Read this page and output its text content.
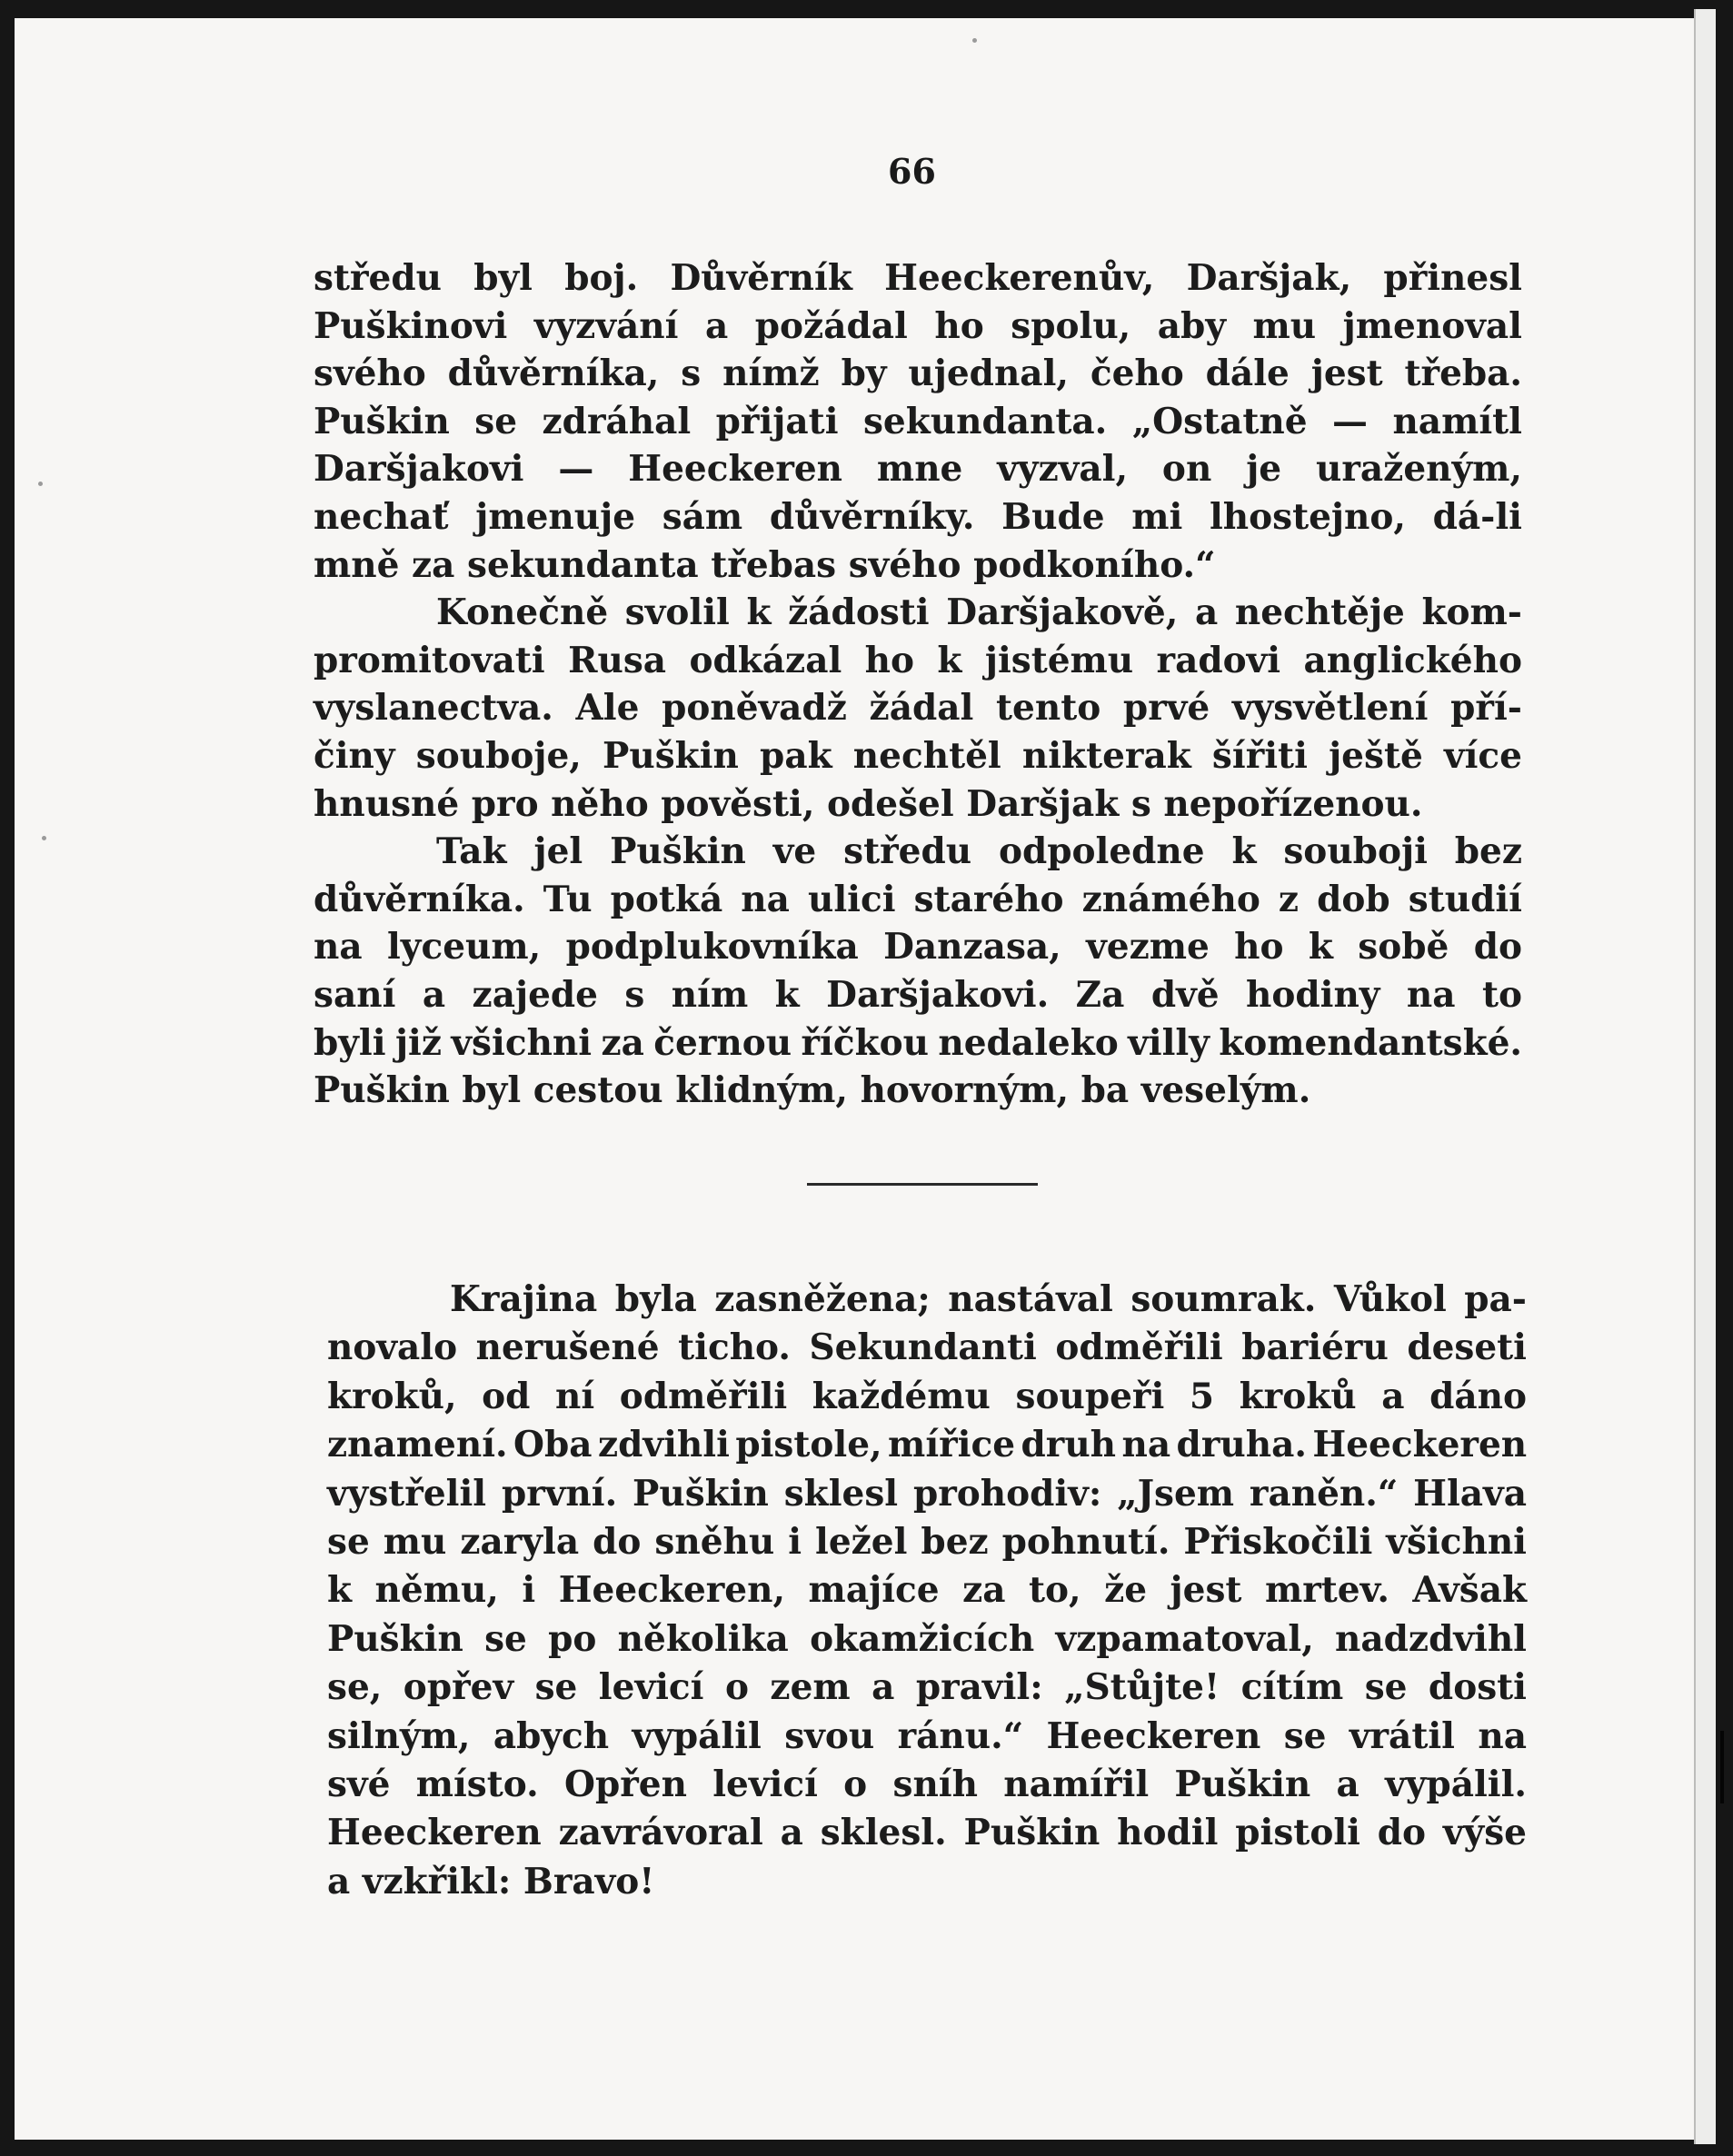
66
středu byl boj. Důvěrník Heeckerenův, Daršjak, přinesl
Puškinovi vyzvání a požádal ho spolu, aby mu jmenoval
svého důvěrníka, s nímž by ujednal, čeho dále jest třeba.
Puškin se zdráhal přijati sekundanta. „Ostatně — namítl
Daršjakovi — Heeckeren mne vyzval, on je uraženým,
nechať jmenuje sám důvěrníky. Bude mi lhostejno, dá-li
mně za sekundanta třebas svého podkoního.“
Konečně svolil k žádosti Daršjakově, a nechtěje kom-
promitovati Rusa odkázal ho k jistému radovi anglického
vyslanectva. Ale poněvadž žádal tento prvé vysvětlení pří-
činy souboje, Puškin pak nechtěl nikterak šířiti ještě více
hnusné pro něho pověsti, odešel Daršjak s nepořízenou.
Tak jel Puškin ve středu odpoledne k souboji bez
důvěrníka. Tu potká na ulici starého známého z dob studií
na lyceum, podplukovníka Danzasa, vezme ho k sobě do
saní a zajede s ním k Daršjakovi. Za dvě hodiny na to
byli již všichni za černou říčkou nedaleko villy komendantské.
Puškin byl cestou klidným, hovorným, ba veselým.
Krajina byla zasněžena; nastával soumrak. Vůkol pa-
novalo nerušené ticho. Sekundanti odměřili bariéru deseti
kroků, od ní odměřili každému soupeři 5 kroků a dáno
znamení. Oba zdvihli pistole, mířice druh na druha. Heeckeren
vystřelil první. Puškin sklesl prohodiv: „Jsem raněn.“ Hlava
se mu zaryla do sněhu i ležel bez pohnutí. Přiskočili všichni
k němu, i Heeckeren, majíce za to, že jest mrtev. Avšak
Puškin se po několika okamžicích vzpamatoval, nadzdvihl
se, opřev se levicí o zem a pravil: „Stůjte! cítím se dosti
silným, abych vypálil svou ránu.“ Heeckeren se vrátil na
své místo. Opřen levicí o sníh namířil Puškin a vypálil.
Heeckeren zavrávoral a sklesl. Puškin hodil pistoli do výše
a vzkřikl: Bravo!
